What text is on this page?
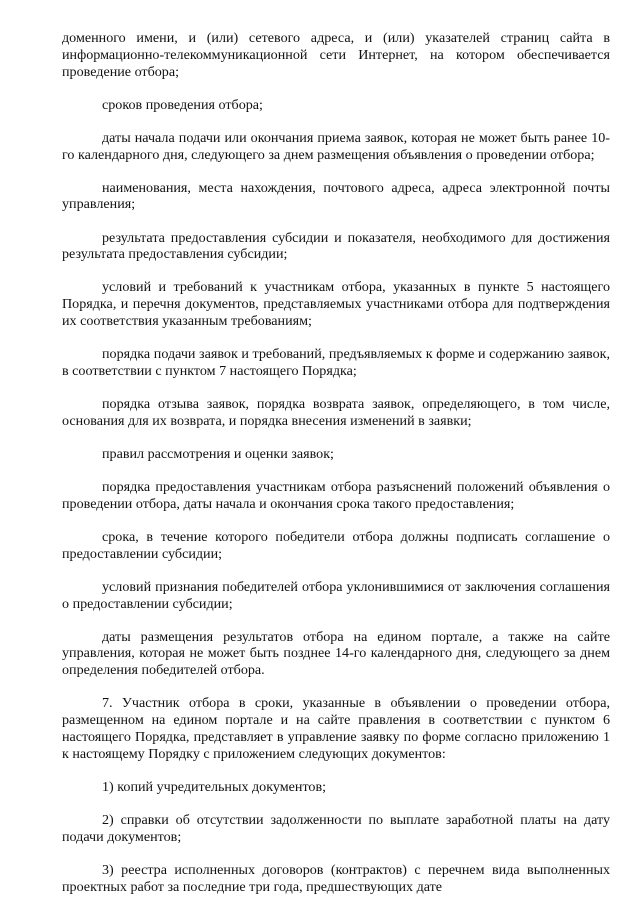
доменного имени, и (или) сетевого адреса, и (или) указателей страниц сайта в информационно-телекоммуникационной сети Интернет, на котором обеспечивается проведение отбора;

сроков проведения отбора;

даты начала подачи или окончания приема заявок, которая не может быть ранее 10-го календарного дня, следующего за днем размещения объявления о проведении отбора;

наименования, места нахождения, почтового адреса, адреса электронной почты управления;

результата предоставления субсидии и показателя, необходимого для достижения результата предоставления субсидии;

условий и требований к участникам отбора, указанных в пункте 5 настоящего Порядка, и перечня документов, представляемых участниками отбора для подтверждения их соответствия указанным требованиям;

порядка подачи заявок и требований, предъявляемых к форме и содержанию заявок, в соответствии с пунктом 7 настоящего Порядка;

порядка отзыва заявок, порядка возврата заявок, определяющего, в том числе, основания для их возврата, и порядка внесения изменений в заявки;

правил рассмотрения и оценки заявок;

порядка предоставления участникам отбора разъяснений положений объявления о проведении отбора, даты начала и окончания срока такого предоставления;

срока, в течение которого победители отбора должны подписать соглашение о предоставлении субсидии;

условий признания победителей отбора уклонившимися от заключения соглашения о предоставлении субсидии;

даты размещения результатов отбора на едином портале, а также на сайте управления, которая не может быть позднее 14-го календарного дня, следующего за днем определения победителей отбора.

7. Участник отбора в сроки, указанные в объявлении о проведении отбора, размещенном на едином портале и на сайте правления в соответствии с пунктом 6 настоящего Порядка, представляет в управление заявку по форме согласно приложению 1 к настоящему Порядку с приложением следующих документов:

1) копий учредительных документов;

2) справки об отсутствии задолженности по выплате заработной платы на дату подачи документов;

3) реестра исполненных договоров (контрактов) с перечнем вида выполненных проектных работ за последние три года, предшествующих дате
